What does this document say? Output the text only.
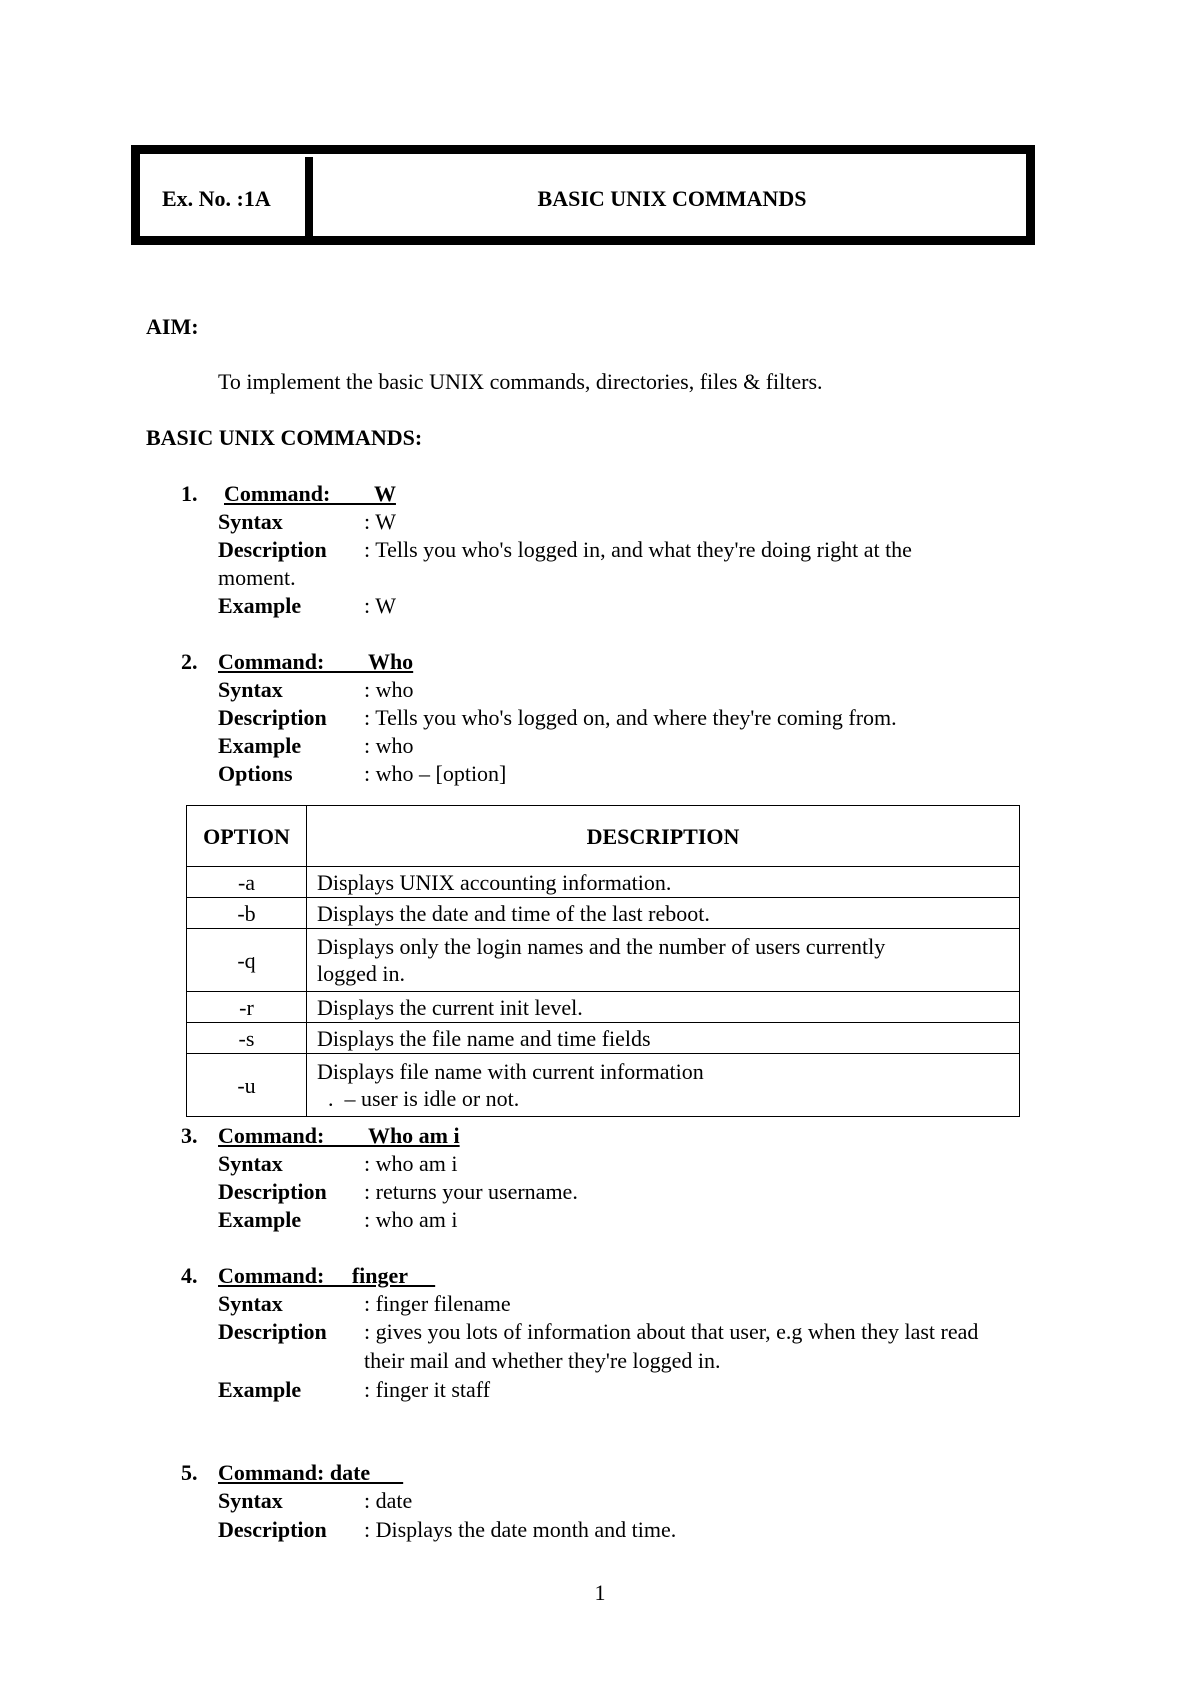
Ex. No. :1A	BASIC UNIX COMMANDS
AIM:
To implement the basic UNIX commands, directories, files & filters.
BASIC UNIX COMMANDS:
1. Command:        W
Syntax	: W
Description : Tells you who's logged in, and what they're doing right at the
moment.
Example	: W
2. Command:        Who
Syntax	: who
Description : Tells you who's logged on, and where they're coming from.
Example	: who
Options	: who – [option]
OPTION	DESCRIPTION
-a	Displays UNIX accounting information.
-b	Displays the date and time of the last reboot.
-q	Displays only the login names and the number of users currently
logged in.

-r	Displays the current init level.
-s	Displays the file name and time fields
-u	Displays file name with current information
.  – user is idle or not.
3. Command:        Who am i
Syntax	: who am i
Description : returns your username.
Example	: who am i
4. Command:     finger
Syntax	: finger filename
Description : gives you lots of information about that user, e.g when they last read
their mail and whether they're logged in.
Example	: finger it staff
5. Command: date
Syntax	: date
Description : Displays the date month and time.
1
